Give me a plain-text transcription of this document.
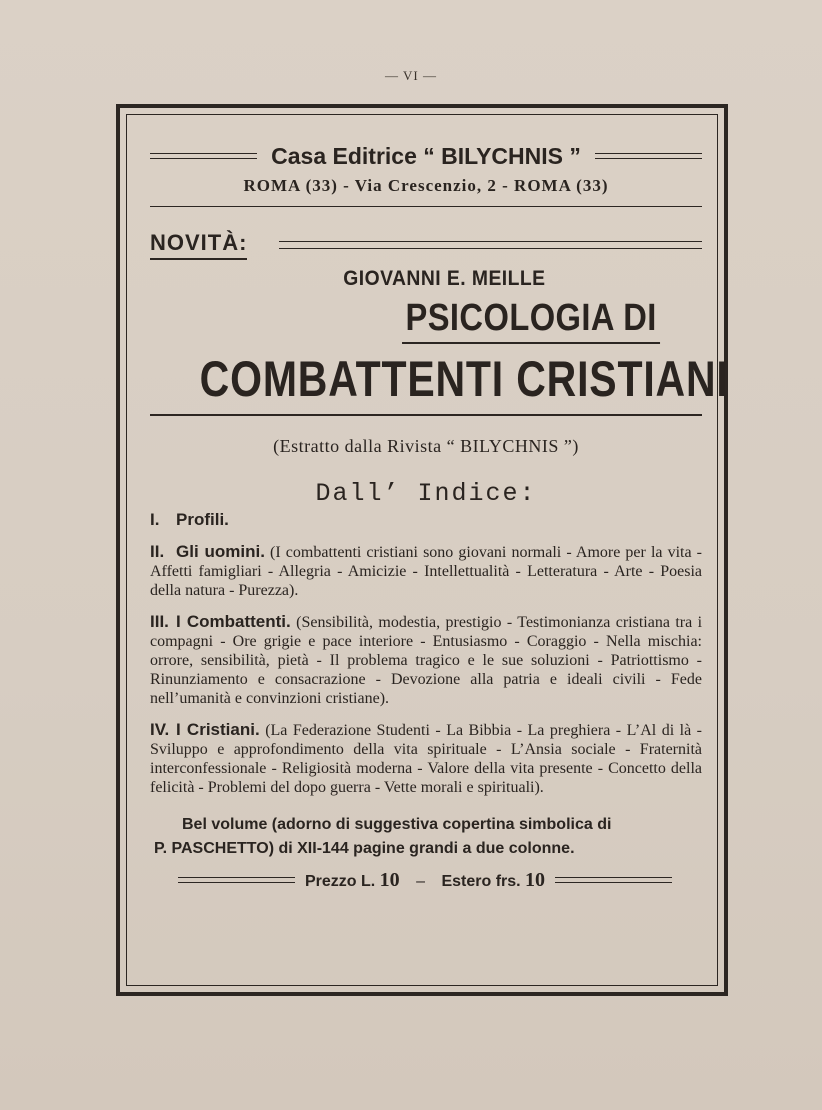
— VI —
Casa Editrice “ BILYCHNIS ”
ROMA (33) - Via Crescenzio, 2 - ROMA (33)
NOVITÀ:
GIOVANNI E. MEILLE
PSICOLOGIA DI
COMBATTENTI CRISTIANI
(Estratto dalla Rivista “ BILYCHNIS ”)
Dall’ Indice:
I. Profili.
II. Gli uomini. (I combattenti cristiani sono giovani normali - Amore per la vita - Affetti famigliari - Allegria - Amicizie - Intellettualità - Letteratura - Arte - Poesia della natura - Purezza).
III. I Combattenti. (Sensibilità, modestia, prestigio - Testimonianza cristiana tra i compagni - Ore grigie e pace interiore - Entusiasmo - Coraggio - Nella mischia: orrore, sensibilità, pietà - Il problema tragico e le sue soluzioni - Patriottismo - Rinunziamento e consacrazione - Devozione alla patria e ideali civili - Fede nell’umanità e convinzioni cristiane).
IV. I Cristiani. (La Federazione Studenti - La Bibbia - La preghiera - L’Al di là - Sviluppo e approfondimento della vita spirituale - L’Ansia sociale - Fraternità interconfessionale - Religiosità moderna - Valore della vita presente - Concetto della felicità - Problemi del dopo guerra - Vette morali e spirituali).
Bel volume (adorno di suggestiva copertina simbolica di
P. PASCHETTO) di XII-144 pagine grandi a due colonne.
Prezzo L. 10 – Estero frs. 10
